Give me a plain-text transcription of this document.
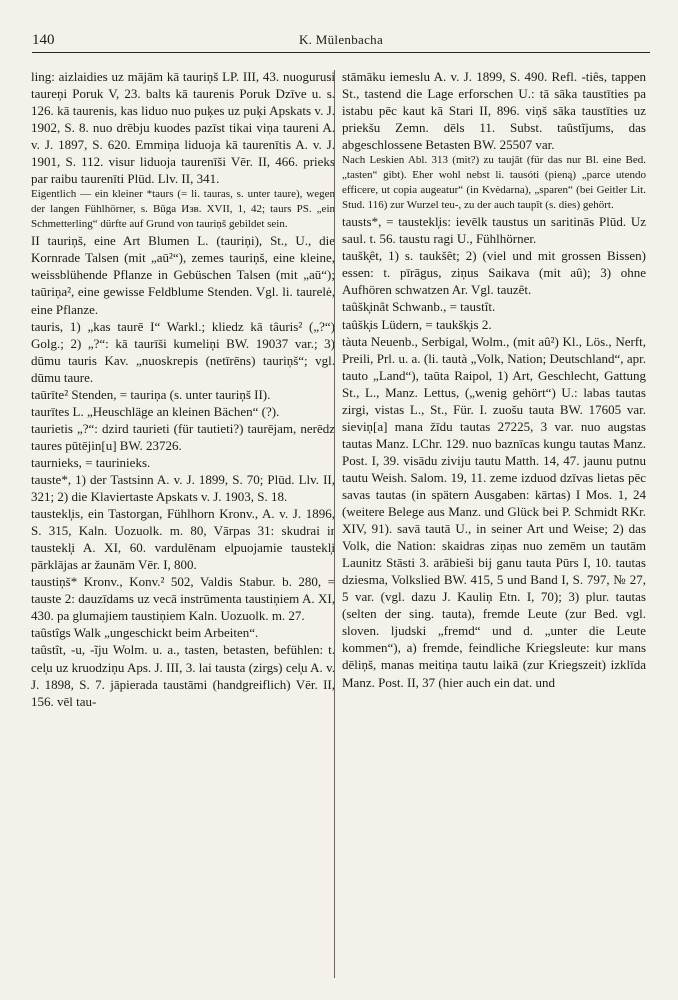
140	K. Mülenbacha

ling: aizlaidies uz mājām kā tauriņš LP. III, 43. nuogurusi taureņi Poruk V, 23. balts kā taurenis Poruk Dzīve u. s. 126. kā taurenis, kas liduo nuo puķes uz puķi Apskats v. J. 1902, S. 8. nuo drēbju kuodes pazīst tikai viņa taureni A. v. J. 1897, S. 620. Emmiņa liduoja kā taurenītis A. v. J. 1901, S. 112. visur liduoja taurenīši Vēr. II, 466. prieks par raibu taurenīti Plūd. Llv. II, 341.

Eigentlich — ein kleiner *taurs (= li. tauras, s. unter taure), wegen der langen Fühlhörner, s. Būga Изв. XVII, 1, 42; taurs PS. „ein Schmetterling“ dürfte auf Grund von tauriņš gebildet sein.

II tauriņš, eine Art Blumen L. (tauriņi), St., U., die Kornrade Talsen (mit „aū²“), zemes tauriņš, eine kleine, weissblühende Pflanze in Gebüschen Talsen (mit „aū“); taūriņa², eine gewisse Feldblume Stenden. Vgl. li. taurelė, eine Pflanze.

tauris, 1) „kas taurē I“ Warkl.; kliedz kā tâuris² („?“) Golg.; 2) „?“: kā taurīši kumeliņi BW. 19037 var.; 3) dūmu tauris Kav. „nuoskrepis (netīrēns) tauriņš“; vgl. dūmu taure.

taūrīte² Stenden, = tauriņa (s. unter tauriņš II).

taurītes L. „Heuschläge an kleinen Bächen“ (?).

taurietis „?“: dzird taurieti (für tautieti?) taurējam, nerēdz taures pūtējin[u] BW. 23726.

taurnieks, = taurinieks.

tauste*, 1) der Tastsinn A. v. J. 1899, S. 70; Plūd. Llv. II, 321; 2) die Klaviertaste Apskats v. J. 1903, S. 18.

taustekl̦is, ein Tastorgan, Fühlhorn Kronv., A. v. J. 1896, S. 315, Kaln. Uozuolk. m. 80, Vārpas 31: skudrai ir taustekl̦i A. XI, 60. vardulēnam el̦puojamie taustekl̦i pārklājas ar žaunām Vēr. I, 800.

taustiņš* Kronv., Konv.² 502, Valdis Stabur. b. 280, = tauste 2: dauzīdams uz vecā instrūmenta taustiņiem A. XI, 430. pa glumajiem taustiņiem Kaln. Uozuolk. m. 27.

taûstîgs Walk „ungeschickt beim Arbeiten“.

taûstît, -u, -ĩju Wolm. u. a., tasten, betasten, befühlen: t. cel̦u uz kruodziņu Aps. J. III, 3. lai tausta (zirgs) cel̦u A. v. J. 1898, S. 7. jāpierada taustāmi (handgreiflich) Vēr. II, 156. vēl tau-

stāmāku iemeslu A. v. J. 1899, S. 490. Refl. -tiês, tappen St., tastend die Lage erforschen U.: tā sāka taustīties pa istabu pēc kaut kā Stari II, 896. viņš sāka taustīties uz priekšu Zemn. dēls 11. Subst. taûstĩjums, das abgeschlossene Betasten BW. 25507 var.

Nach Leskien Abl. 313 (mit?) zu taujāt (für das nur Bl. eine Bed. „tasten“ gibt). Eher wohl nebst li. tausóti (pieną) „parce utendo efficere, ut copia augeatur“ (in Kvėdarna), „sparen“ (bei Geitler Lit. Stud. 116) zur Wurzel teu-, zu der auch taupīt (s. dies) gehört.

tausts*, = taustekl̦is: ievēlk taustus un saritinās Plūd. Uz saul. t. 56. taustu ragi U., Fühlhörner.

taušk̦êt, 1) s. taukšêt; 2) (viel und mit grossen Bissen) essen: t. pīrāgus, ziņus Saikava (mit aû); 3) ohne Aufhören schwatzen Ar. Vgl. tauzêt.

taûšk̦inât Schwanb., = taustît.

taûšk̦is Lüdern, = taukšk̦is 2.

tàuta Neuenb., Serbigal, Wolm., (mit aû²) Kl., Lös., Nerft, Preili, Prl. u. a. (li. tautà „Volk, Nation; Deutschland“, apr. tauto „Land“), taūta Raipol, 1) Art, Geschlecht, Gattung St., L., Manz. Lettus, („wenig gehört“) U.: labas tautas zirgi, vistas L., St., Für. I. zuošu tauta BW. 17605 var. sieviņ[a] mana žīdu tautas 27225, 3 var. nuo augstas tautas Manz. LChr. 129. nuo baznīcas kungu tautas Manz. Post. I, 39. visādu ziviju tautu Matth. 14, 47. jaunu putnu tautu Weish. Salom. 19, 11. zeme izduod dzīvas lietas pēc savas tautas (in spätern Ausgaben: kārtas) I Mos. 1, 24 (weitere Belege aus Manz. und Glück bei P. Schmidt RKr. XIV, 91). savā tautā U., in seiner Art und Weise; 2) das Volk, die Nation: skaidras ziņas nuo zemēm un tautām Launitz Stāsti 3. arābieši bij ganu tauta Pūrs I, 10. tautas dziesma, Volkslied BW. 415, 5 und Band I, S. 797, № 27, 5 var. (vgl. dazu J. Kauliņ Etn. I, 70); 3) plur. tautas (selten der sing. tauta), fremde Leute (zur Bed. vgl. sloven. ljudski „fremd“ und d. „unter die Leute kommen“), a) fremde, feindliche Kriegsleute: kur mans dēliņš, manas meitiņa tautu laikā (zur Kriegszeit) izklīda Manz. Post. II, 37 (hier auch ein dat. und
